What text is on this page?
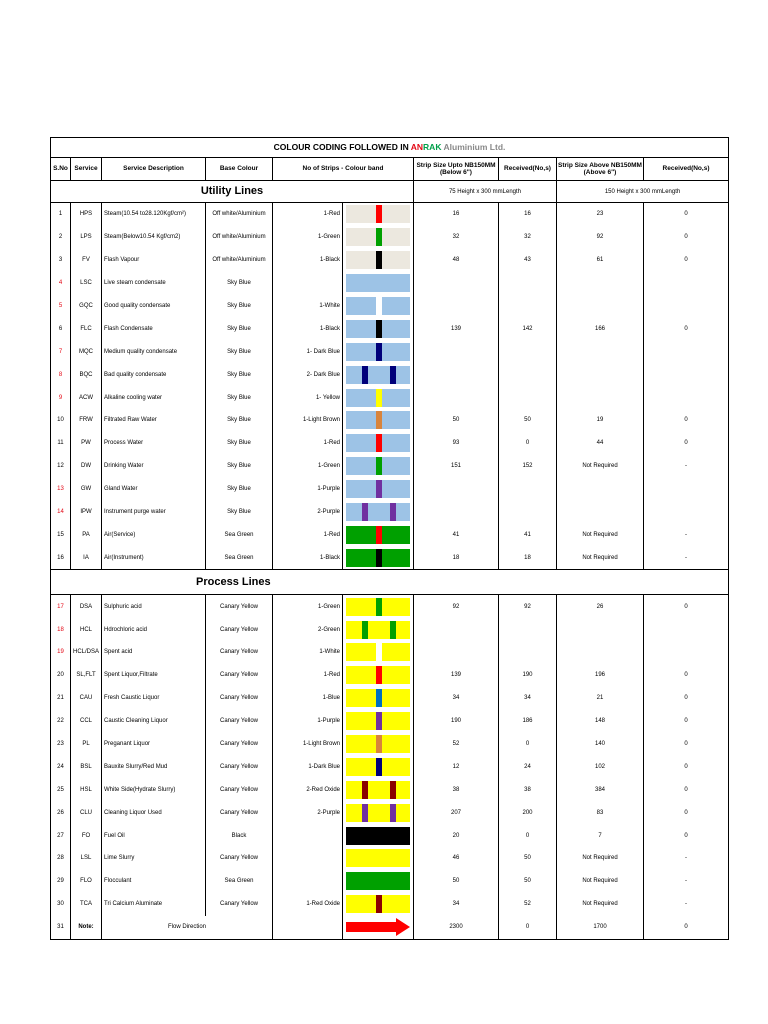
COLOUR CODING FOLLOWED IN ANRAK Aluminium Ltd.									
S.No	Service	Service Description	Base Colour	No of Strips - Colour band		Strip Size Upto NB150MM (Below 6")	Received(No,s)	Strip Size Above NB150MM (Above 6")	Received(No,s)
Utility Lines						75 Height x 300 mmLength		150 Height x 300 mmLength	
1	HPS	Steam(10.54 to28.120Kgf/cm²)	Off white/Aluminium	1-Red		16	16	23	0
2	LPS	Steam(Below10.54 Kgf/cm2)	Off white/Aluminium	1-Green		32	32	92	0
3	FV	Flash Vapour	Off white/Aluminium	1-Black		48	43	61	0
4	LSC	Live steam condensate	Sky Blue		

5	GQC	Good quality condensate	Sky Blue	1-White	

6	FLC	Flash Condensate	Sky Blue	1-Black		139	142	166	0
7	MQC	Medium quality condensate	Sky Blue	1- Dark Blue	

8	BQC	Bad quality condensate	Sky Blue	2- Dark Blue	

9	ACW	Alkaline cooling water	Sky Blue	1- Yellow	

10	FRW	Filtrated Raw Water	Sky Blue	1-Light Brown		50	50	19	0
11	PW	Process Water	Sky Blue	1-Red		93	0	44	0
12	DW	Drinking Water	Sky Blue	1-Green		151	152	Not Required	-
13	GW	Gland Water	Sky Blue	1-Purple	

14	IPW	Instrument purge water	Sky Blue	2-Purple	

15	PA	Air(Service)	Sea Green	1-Red		41	41	Not Required	-
16	IA	Air(Instrument)	Sea Green	1-Black		18	18	Not Required	-
Process Lines									
17	DSA	Sulphuric acid	Canary Yellow	1-Green		92	92	26	0
18	HCL	Hdrochloric acid	Canary Yellow	2-Green	

19	HCL/DSA	Spent acid	Canary Yellow	1-White	

20	SL,FLT	Spent Liquor,Filtrate	Canary Yellow	1-Red		139	190	196	0
21	CAU	Fresh Caustic Liquor	Canary Yellow	1-Blue		34	34	21	0
22	CCL	Caustic Cleaning Liquor	Canary Yellow	1-Purple		190	186	148	0
23	PL	Preganant Liquor	Canary Yellow	1-Light Brown		52	0	140	0
24	BSL	Bauxite Slurry/Red Mud	Canary Yellow	1-Dark Blue		12	24	102	0
25	HSL	White Side(Hydrate Slurry)	Canary Yellow	2-Red Oxide		38	38	384	0
26	CLU	Cleaning Liquor Used	Canary Yellow	2-Purple		207	200	83	0
27	FO	Fuel Oil	Black			20	0	7	0
28	LSL	Lime Slurry	Canary Yellow			46	50	Not Required	-
29	FLO	Flocculant	Sea Green			50	50	Not Required	-
30	TCA	Tri Calcium Aluminate	Canary Yellow	1-Red Oxide		34	52	Not Required	-
31	Note:	Flow Direction				2300	0	1700	0
